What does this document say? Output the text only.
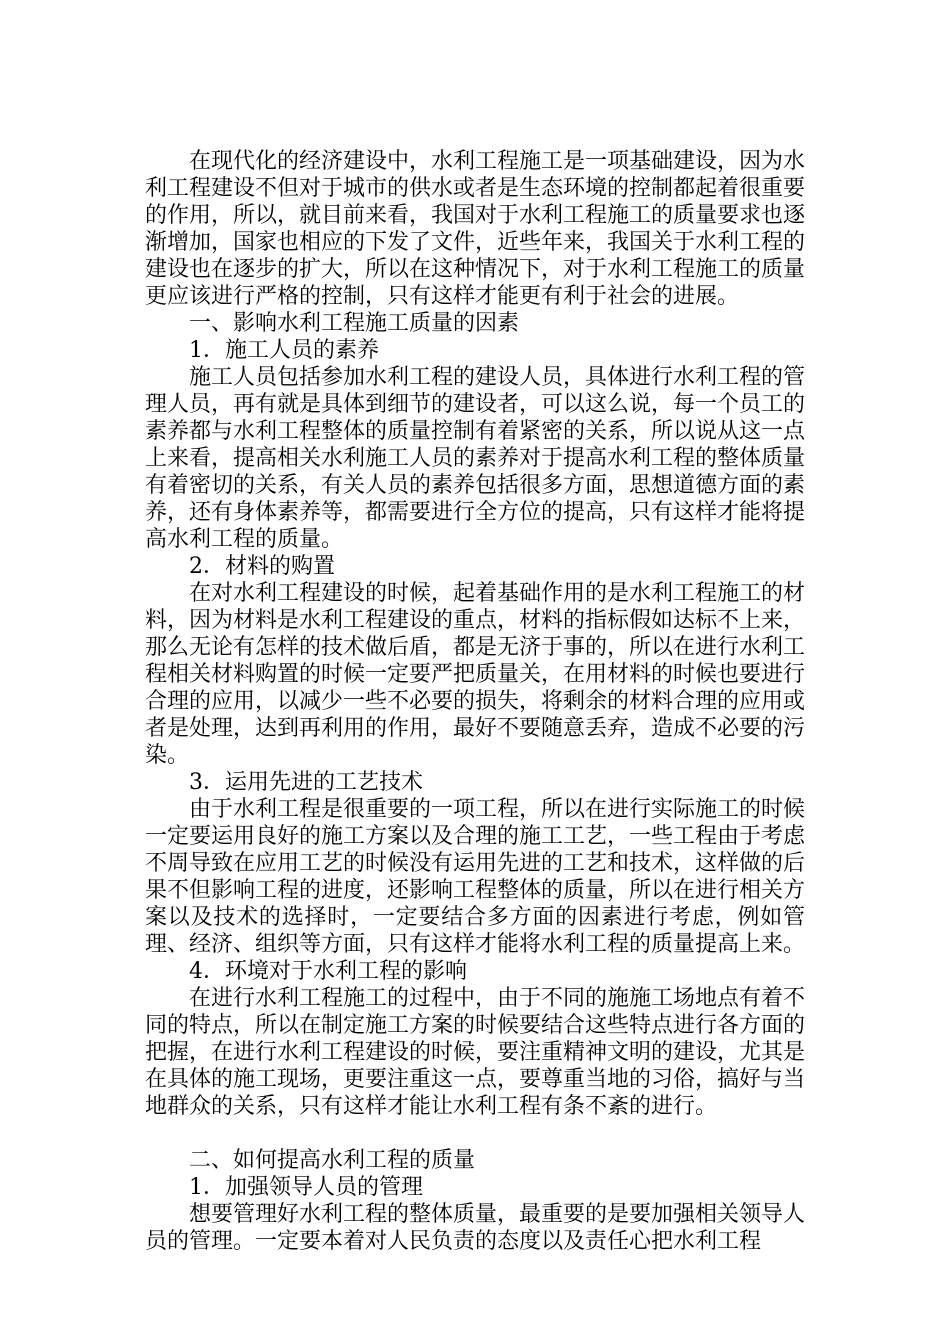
在现代化的经济建设中，水利工程施工是一项基础建设，因为水利工程建设不但对于城市的供水或者是生态环境的控制都起着很重要的作用，所以，就目前来看，我国对于水利工程施工的质量要求也逐渐增加，国家也相应的下发了文件，近些年来，我国关于水利工程的建设也在逐步的扩大，所以在这种情况下，对于水利工程施工的质量更应该进行严格的控制，只有这样才能更有利于社会的进展。

一、影响水利工程施工质量的因素

1．施工人员的素养

施工人员包括参加水利工程的建设人员，具体进行水利工程的管理人员，再有就是具体到细节的建设者，可以这么说，每一个员工的素养都与水利工程整体的质量控制有着紧密的关系，所以说从这一点上来看，提高相关水利施工人员的素养对于提高水利工程的整体质量有着密切的关系，有关人员的素养包括很多方面，思想道德方面的素养，还有身体素养等，都需要进行全方位的提高，只有这样才能将提高水利工程的质量。

2．材料的购置

在对水利工程建设的时候，起着基础作用的是水利工程施工的材料，因为材料是水利工程建设的重点，材料的指标假如达标不上来，那么无论有怎样的技术做后盾，都是无济于事的，所以在进行水利工程相关材料购置的时候一定要严把质量关，在用材料的时候也要进行合理的应用，以减少一些不必要的损失，将剩余的材料合理的应用或者是处理，达到再利用的作用，最好不要随意丢弃，造成不必要的污染。

3．运用先进的工艺技术

由于水利工程是很重要的一项工程，所以在进行实际施工的时候一定要运用良好的施工方案以及合理的施工工艺，一些工程由于考虑不周导致在应用工艺的时候没有运用先进的工艺和技术，这样做的后果不但影响工程的进度，还影响工程整体的质量，所以在进行相关方案以及技术的选择时，一定要结合多方面的因素进行考虑，例如管理、经济、组织等方面，只有这样才能将水利工程的质量提高上来。

4．环境对于水利工程的影响

在进行水利工程施工的过程中，由于不同的施施工场地点有着不同的特点，所以在制定施工方案的时候要结合这些特点进行各方面的把握，在进行水利工程建设的时候，要注重精神文明的建设，尤其是在具体的施工现场，更要注重这一点，要尊重当地的习俗，搞好与当地群众的关系，只有这样才能让水利工程有条不紊的进行。

二、如何提高水利工程的质量

1．加强领导人员的管理

想要管理好水利工程的整体质量，最重要的是要加强相关领导人员的管理。一定要本着对人民负责的态度以及责任心把水利工程
